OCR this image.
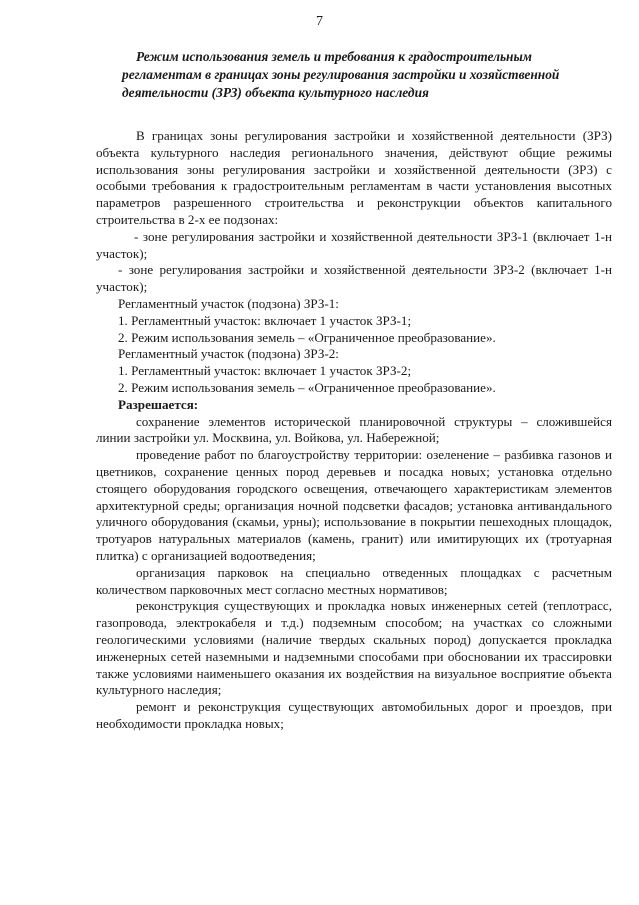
7
Режим использования земель и требования к градостроительным
регламентам в границах зоны регулирования застройки и хозяйственной
деятельности (ЗРЗ) объекта культурного наследия

В границах зоны регулирования застройки и хозяйственной деятельности (ЗРЗ) объекта культурного наследия регионального значения, действуют общие режимы использования зоны регулирования застройки и хозяйственной деятельности (ЗРЗ) с особыми требования к градостроительным регламентам в части установления высотных параметров разрешенного строительства и реконструкции объектов капитального строительства в 2-х ее подзонах:

- зоне регулирования застройки и хозяйственной деятельности ЗРЗ-1 (включает 1-н участок);

- зоне регулирования застройки и хозяйственной деятельности ЗРЗ-2 (включает 1-н участок);

Регламентный участок (подзона) ЗРЗ-1:

1. Регламентный участок: включает 1 участок ЗРЗ-1;

2. Режим использования земель – «Ограниченное преобразование».

Регламентный участок (подзона) ЗРЗ-2:

1. Регламентный участок: включает 1 участок ЗРЗ-2;

2. Режим использования земель – «Ограниченное преобразование».

Разрешается:

сохранение элементов исторической планировочной структуры – сложившейся линии застройки ул. Москвина, ул. Войкова, ул. Набережной;

проведение работ по благоустройству территории: озеленение – разбивка газонов и цветников, сохранение ценных пород деревьев и посадка новых; установка отдельно стоящего оборудования городского освещения, отвечающего характеристикам элементов архитектурной среды; организация ночной подсветки фасадов; установка антивандального уличного оборудования (скамьи, урны); использование в покрытии пешеходных площадок, тротуаров натуральных материалов (камень, гранит) или имитирующих их (тротуарная плитка) с организацией водоотведения;

организация парковок на специально отведенных площадках с расчетным количеством парковочных мест согласно местных нормативов;

реконструкция существующих и прокладка новых инженерных сетей (теплотрасс, газопровода, электрокабеля и т.д.) подземным способом; на участках со сложными геологическими условиями (наличие твердых скальных пород) допускается прокладка инженерных сетей наземными и надземными способами при обосновании их трассировки также условиями наименьшего оказания их воздействия на визуальное восприятие объекта культурного наследия;

ремонт и реконструкция существующих автомобильных дорог и проездов, при необходимости прокладка новых;
